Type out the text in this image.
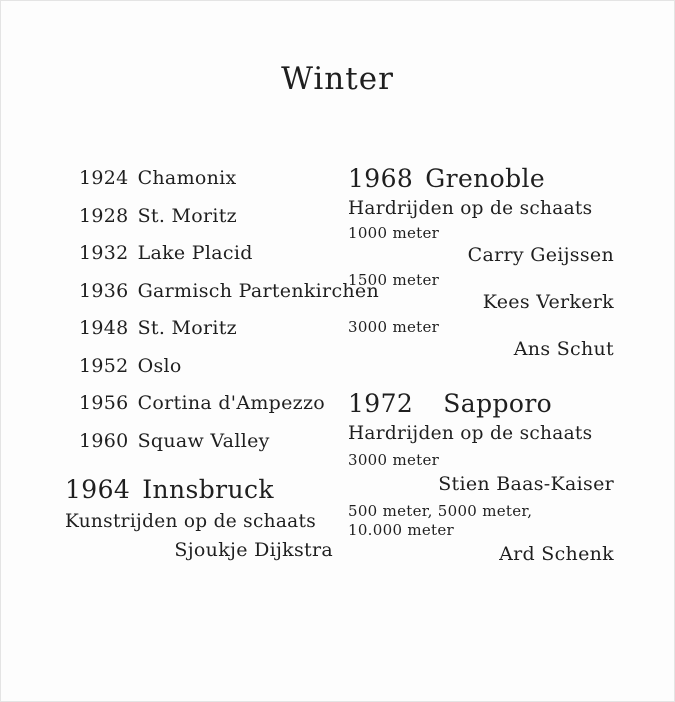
Winter
1924 Chamonix
1928 St. Moritz
1932 Lake Placid
1936 Garmisch Partenkirchen
1948 St. Moritz
1952 Oslo
1956 Cortina d'Ampezzo
1960 Squaw Valley
1964 Innsbruck
Kunstrijden op de schaats
Sjoukje Dijkstra
1968 Grenoble
Hardrijden op de schaats
1000 meter
Carry Geijssen
1500 meter
Kees Verkerk
3000 meter
Ans Schut
1972 Sapporo
Hardrijden op de schaats
3000 meter
Stien Baas-Kaiser
500 meter, 5000 meter,
10.000 meter
Ard Schenk
